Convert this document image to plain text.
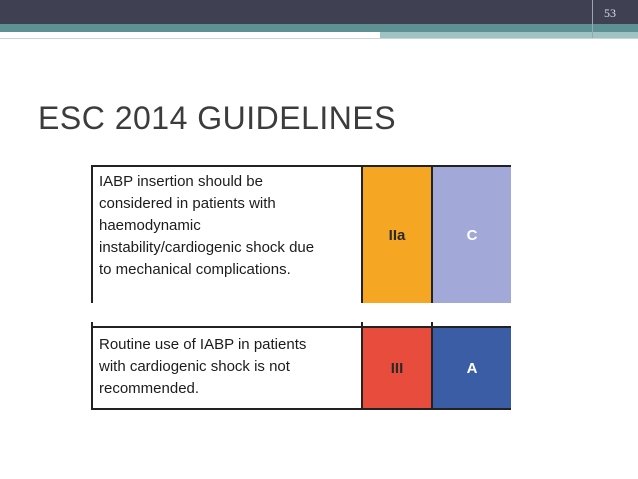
53
ESC 2014 GUIDELINES
IABP insertion should be
considered in patients with
haemodynamic
instability/cardiogenic shock due
to mechanical complications.
IIa	C
Routine use of IABP in patients
with cardiogenic shock is not
recommended.
III	A
